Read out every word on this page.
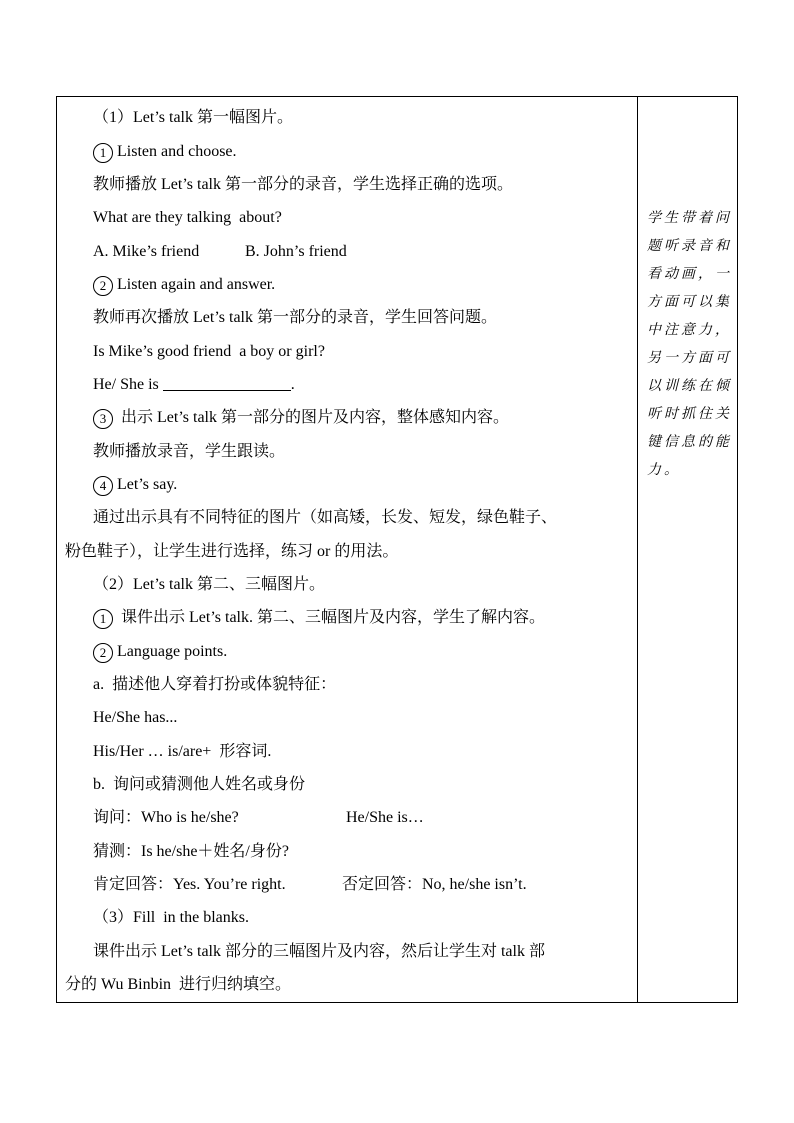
（1）Let’s talk 第一幅图片。
1 Listen and choose.
教师播放 Let’s talk 第一部分的录音，学生选择正确的选项。
What are they talking  about?
A. Mike’s friend	B. John’s friend
2 Listen again and answer.
教师再次播放 Let’s talk 第一部分的录音，学生回答问题。
Is Mike’s good friend  a boy or girl?
He/ She is	.
3 出示 Let’s talk 第一部分的图片及内容，整体感知内容。
教师播放录音，学生跟读。
4 Let’s say.
通过出示具有不同特征的图片（如高矮，长发、短发，绿色鞋子、
粉色鞋子），让学生进行选择，练习 or 的用法。
（2）Let’s talk 第二、三幅图片。
1 课件出示 Let’s talk. 第二、三幅图片及内容，学生了解内容。
2 Language points.
a.  描述他人穿着打扮或体貌特征：
He/She has...
His/Her … is/are+  形容词.
b.  询问或猜测他人姓名或身份
询问：Who is he/she?	He/She is…
猜测：Is he/she＋姓名/身份?
肯定回答：Yes. You’re right.	否定回答：No, he/she isn’t.
（3）Fill  in the blanks.
课件出示 Let’s talk 部分的三幅图片及内容，然后让学生对 talk 部
分的 Wu Binbin  进行归纳填空。
学生带着问题听录音和看动画，一方面可以集中注意力，另一方面可以训练在倾听时抓住关键信息的能力。
